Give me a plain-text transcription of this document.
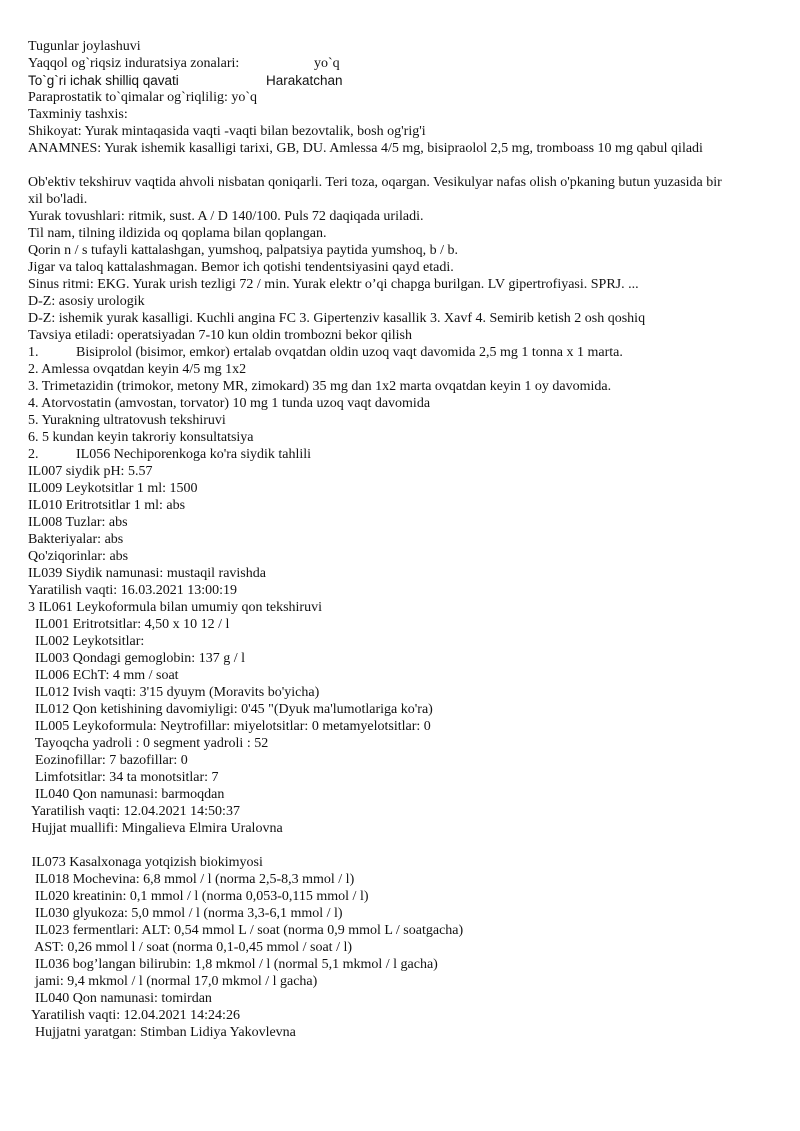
Tugunlar joylashuvi
Yaqqol og`riqsiz induratsiya zonalari:	yo`q
To`g`ri ichak shilliq qavati	Harakatchan
Paraprostatik to`qimalar og`riqlilig: yo`q
Taxminiy tashxis:
Shikoyat: Yurak mintaqasida vaqti -vaqti bilan bezovtalik, bosh og'rig'i
ANAMNES: Yurak ishemik kasalligi tarixi, GB, DU. Amlessa 4/5 mg, bisipraolol 2,5 mg, tromboass 10 mg qabul qiladi
Ob'ektiv tekshiruv vaqtida ahvoli nisbatan qoniqarli. Teri toza, oqargan. Vesikulyar nafas olish o'pkaning butun yuzasida bir xil bo'ladi.
Yurak tovushlari: ritmik, sust. A / D 140/100. Puls 72 daqiqada uriladi.
Til nam, tilning ildizida oq qoplama bilan qoplangan.
Qorin n / s tufayli kattalashgan, yumshoq, palpatsiya paytida yumshoq, b / b.
Jigar va taloq kattalashmagan. Bemor ich qotishi tendentsiyasini qayd etadi.
Sinus ritmi: EKG. Yurak urish tezligi 72 / min. Yurak elektr o’qi chapga burilgan. LV gipertrofiyasi. SPRJ. ...
D-Z: asosiy urologik
D-Z: ishemik yurak kasalligi. Kuchli angina FC 3. Gipertenziv kasallik 3. Xavf 4. Semirib ketish 2 osh qoshiq
Tavsiya etiladi: operatsiyadan 7-10 kun oldin trombozni bekor qilish
1.	Bisiprolol (bisimor, emkor) ertalab ovqatdan oldin uzoq vaqt davomida 2,5 mg 1 tonna x 1 marta.
2. Amlessa ovqatdan keyin 4/5 mg 1x2
3. Trimetazidin (trimokor, metony MR, zimokard) 35 mg dan 1x2 marta ovqatdan keyin 1 oy davomida.
4. Atorvostatin (amvostan, torvator) 10 mg 1 tunda uzoq vaqt davomida
5. Yurakning ultratovush tekshiruvi
6. 5 kundan keyin takroriy konsultatsiya
2.	IL056 Nechiporenkoga ko'ra siydik tahlili
IL007 siydik pH: 5.57
IL009 Leykotsitlar 1 ml: 1500
IL010 Eritrotsitlar 1 ml: abs
IL008 Tuzlar: abs
Bakteriyalar: abs
Qo'ziqorinlar: abs
IL039 Siydik namunasi: mustaqil ravishda
Yaratilish vaqti: 16.03.2021 13:00:19
3 IL061 Leykoformula bilan umumiy qon tekshiruvi
IL001 Eritrotsitlar: 4,50 x 10 12 / l
IL002 Leykotsitlar:
IL003 Qondagi gemoglobin: 137 g / l
IL006 EChT: 4 mm / soat
IL012 Ivish vaqti: 3'15 dyuym (Moravits bo'yicha)
IL012 Qon ketishining davomiyligi: 0'45 "(Dyuk ma'lumotlariga ko'ra)
IL005 Leykoformula: Neytrofillar: miyelotsitlar: 0 metamyelotsitlar: 0
Tayoqcha yadroli : 0 segment yadroli : 52
Eozinofillar: 7 bazofillar: 0
Limfotsitlar: 34 ta monotsitlar: 7
IL040 Qon namunasi: barmoqdan
Yaratilish vaqti: 12.04.2021 14:50:37
Hujjat muallifi: Mingalieva Elmira Uralovna
IL073 Kasalxonaga yotqizish biokimyosi
IL018 Mochevina: 6,8 mmol / l (norma 2,5-8,3 mmol / l)
IL020 kreatinin: 0,1 mmol / l (norma 0,053-0,115 mmol / l)
IL030 glyukoza: 5,0 mmol / l (norma 3,3-6,1 mmol / l)
IL023 fermentlari: ALT: 0,54 mmol L / soat (norma 0,9 mmol L / soatgacha)
AST: 0,26 mmol l / soat (norma 0,1-0,45 mmol / soat / l)
IL036 bog’langan bilirubin: 1,8 mkmol / l (normal 5,1 mkmol / l gacha)
jami: 9,4 mkmol / l (normal 17,0 mkmol / l gacha)
IL040 Qon namunasi: tomirdan
Yaratilish vaqti: 12.04.2021 14:24:26
Hujjatni yaratgan: Stimban Lidiya Yakovlevna
